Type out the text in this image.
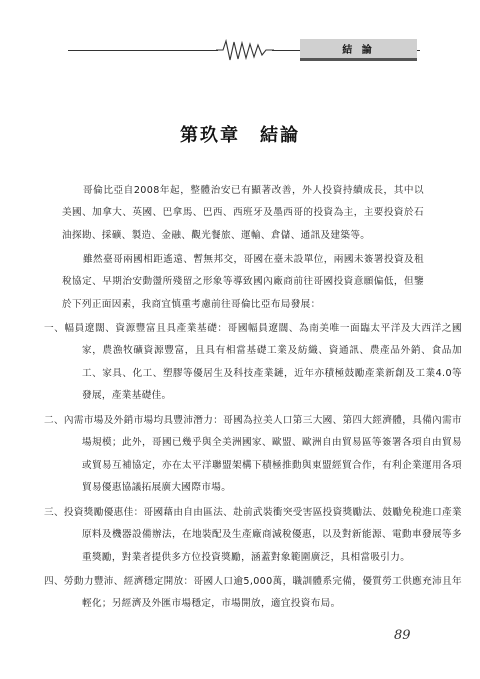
結 論
第玖章　結論

哥倫比亞自2008年起，整體治安已有顯著改善，外人投資持續成長，其中以美國、加拿大、英國、巴拿馬、巴西、西班牙及墨西哥的投資為主，主要投資於石油探勘、採礦、製造、金融、觀光餐旅、運輸、倉儲、通訊及建築等。

雖然臺哥兩國相距遙遠、暫無邦交，哥國在臺未設單位，兩國未簽署投資及租稅協定、早期治安動盪所殘留之形象等導致國內廠商前往哥國投資意願偏低，但鑒於下列正面因素，我商宜慎重考慮前往哥倫比亞布局發展：

一、幅員遼闊、資源豐富且具產業基礎：哥國幅員遼闊、為南美唯一面臨太平洋及大西洋之國家，農漁牧礦資源豐富，且具有相當基礎工業及紡織、資通訊、農產品外銷、食品加工、家具、化工、塑膠等優居生及科技產業鏈，近年亦積極鼓勵產業新創及工業4.0等發展，產業基礎佳。

二、內需市場及外銷市場均具豐沛潛力：哥國為拉美人口第三大國、第四大經濟體，具備內需市場規模；此外，哥國已幾乎與全美洲國家、歐盟、歐洲自由貿易區等簽署各項自由貿易或貿易互補協定，亦在太平洋聯盟架構下積極推動與東盟經貿合作，有利企業運用各項貿易優惠協議拓展廣大國際市場。

三、投資獎勵優惠佳：哥國藉由自由區法、赴前武裝衝突受害區投資獎勵法、鼓勵免稅進口產業原料及機器設備辦法，在地裝配及生產廠商減稅優惠，以及對新能源、電動車發展等多重獎勵，對業者提供多方位投資獎勵，涵蓋對象範圍廣泛，具相當吸引力。

四、勞動力豐沛、經濟穩定開放：哥國人口逾5,000萬，職訓體系完備，優質勞工供應充沛且年輕化；另經濟及外匯市場穩定，市場開放，適宜投資布局。

89
